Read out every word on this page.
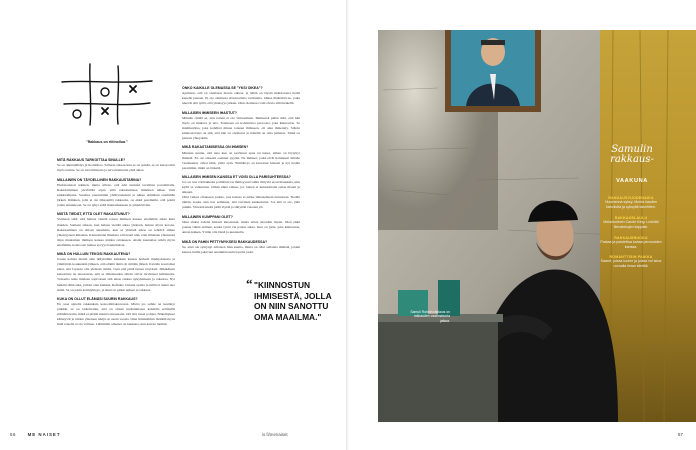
"Rakkaus on riitinoilua."
MITÄ RAKKAUS TARKOITTAA SINULLE?

Se on alkuräjähdys ja ikoluiittos. Samaan aikaan kun se on seinää, se on katoja niin myös toimia. Se on turvallisuutta ja turvattomuutta yhtä aikaa.

MILLAINEN ON TÄYDELLINEN RAKKAUSTARINA?

Ehdottomasti arkinen, mutta silloin, että arki tuntuisi tavallisia parommalla. Rakastamiinen yleviättää arjen, sillä rakastumisen ilmiönen näkee värit kirkkaampina. Suomea puerummin yhdityöskeleiä ja näkee elämässä enemmän järkeä. Ihminen, jolla ei ole lähesteillä rakkautta, on ehkä paremmin, että poimi jotain ennakkoon. Se on tyhyt esitä muutamakseen ja ympäröivien.

MISTÄ TIEDÄT, ETTÄ OLET RAKASTUNUT?

Varmaan siitä, että haluaa viettää toisen ihmisen kanssa enemmän aikaa kuin muiden. Samaan aikaan, kun haluaa viettää aikaa yhdessä, haluaa myös kotona. Rakastaminen on silloin antamista, kun se yhteistä aikaa on tehtävä siihen yhteisyyteen ilmaisua. Kanssattaisi ilmaisua valtavasti niin, ettei ilmaisuu yhteisöstä riipu muutaman ihmisen kanssa näiden omakseen. Aistin kaunatiaa tehdä myös enemmän, koska sen tuntuu syvyys hautumaista.

MIKÄ ON HULLUIN TEKOSI RAKKAUTENA?

Josain kohtaa menin aina ikilyhöihin kaikkien kanssa herkem mielijohteesta ja ymmärrän koukunkin jälkeen, että elämä tämä oli mitään järkeä. Kevään koottamat ideat, että lopussa olla yhdessä riittää, vaan että pitää tuntea nöyrästä. Jälkikäteen katsottuna ne ainoastaan, että se ilmaisuuden silloin olivat tarvinneet kiihtaneita. Toisaalta tulee mieleen sopivaisen sitä aikaa rakkaa nykyhetkeen ja rakastaa. Nyt hetkiin tämä aika, jolloin olen kaikkia. Reflekto lavtuisi ajoilta ja miltä ei tunnu nuo minä. Se on jokin kolmiyhteys, ja siinä on pitkät puheet ja rakkaus.

KUKA ON OLLUT ELÄMÄSI SUURIN RAKKAUS?

En osaa ajatella rakkauksia koko-mittakaavassa. Mutta jos suhde on kestänyt pitkään, se on tarkoittanut, että on ollaan uudistumassa kahdella erillisellä elämäntavalla, mikä ei pitäisi mennä ainoastaan, että sitä toiset pohjaa. Näkemykset kääntyvät ja niiden yhteinen tekijä on usein vuosia. Olen ihmissilmin lisätkää myös mitä toisella ei ole voimaa. Lähimmät omaiset on kaukana, kun kaivan meihin.

ONKO KAIKILLE OLEMASSA SE "YKSI OIKEA"?

Ajattelen, että on olemassa monta oikeaa, ja nähtä on täysin mahdotonta tietää kenelle jaetaan. Ei ole olemassa absoluuttista varmuutta. Oikea määrittää ne, jotka tekevät sitä työtä, että yhteisyys jatkuu. Olen olemassa vain olevia sillä hetkellä.

MILLAISEN IHMISEEN IHASTUT?

Minulle riittää se, että toinen ei ole virtuaalinen. Ihmisessä pidän siitä, että hän myös on mukava ja aito. Toisinaan on kohdattava persoona, joka kiinnostaa. Se mielikuvitus, joka kohdisti minua toiseen ihmiseen, oli aina ihmettely. Silloin kiinnostavuus on sitä, että hän on olemassa ja hänellä on oma juttunsa. Tämä on perusta yhteydelle.

MIKÄ RAKASTAMISESSA ON IHMISEN?

Minusta tuntuu, että aina kun on tarvinnut apua tai tukea, siihen on löytynyt ihmisiä. En ole oikeasti osannut pyytää. Ne ihmiset, jotka eivät halunneet mitään vastineeksi, olivat niitä, joilta opin. Ymmärrys on kasvanut hitaasti ja nyt tiedän paremmin, mikä on tärkeää.

MILLAISEN IHMISEN KANSSA ET VOISI OLLA PARISUHTEESSA?

Jos on tosi voimakkaita poliittisia tai ihmisyysarvoihin liittyviä eroavaisuuksia, niin kyllä se vaikeuttaa. Olisin ehkä vaikea, jos toinen ei kunnioittaisi omaa tilaani ja aikaani.

Olisi vaikea ollakseen joskus, jota kanssa ei pääse ilmaisemaan tunteitaan. Tiedän tämän, koska olen itse sellainen, että tarvitsen keskustelua. Jos sitä ei ole, jään jumiin. Yhteistä kieltä pitää löytää ja säilyttää vuosien yli.

MILLAINEN KUMPPANI OLET?

Olen aluksi todella hitaasti innostunut, mutta sitten sitoudun täysin. Olen ehkä joskus vähän etäinen, koska työni vie paljon aikaa. Kun on juttu, joka kiinnostaa, annan kaiken. Yritän olla läsnä ja kuunnella.

MIKÄ ON PAHIN PETTYMYKSESI RAKKAUDESSA?

Se, ettei ole syntynyt erilaisen tilan kautta, mutta on ollut sellaisia ihmisiä, joiden kanssa luulin jakavani enemmän kuin lopulta jaoin.

“ "KIINNOSTUN IHMISESTÄ, JOLLA ON NIIN SANOTTU OMA MAAILMA."
56	ME NAISET	is.fi/menaiset
Samulin rakkaus-
VAAKUNA
RAKKAUSVUODENAIKA

Huomenna syksy. Monta kauden kahviloita ja syksyllä talvehtien.

RAKKAUSLAULU

Melankolinen Carole King: Leskiäti Nevatokujen kappale.

RAKKAUSRUOKA

Pastaa ja paistettua kanaa perunoiden kanssa.

ROMANTTISIN PAIKKA

Saaret, joissa tuulee ja joissa voi istua rannalla ilman kiirettä.

Samuli Ruhnin rakkaus on rakkauden vaatimatonta jatkoa.
57
